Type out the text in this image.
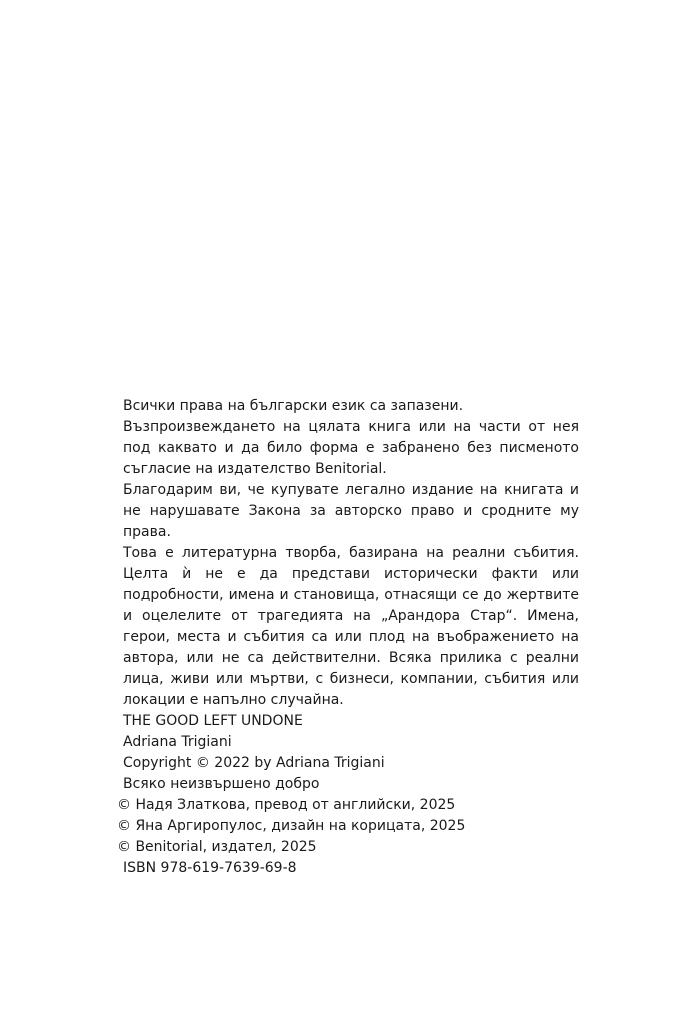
Всички права на български език са запазени.

Възпроизвеждането на цялата книга или на части от нея под каквато и да било форма е забранено без писменото съгласие на издателство Benitorial.

Благодарим ви, че купувате легално издание на книгата и не нарушавате Закона за авторско право и сродните му права.

Това е литературна творба, базирана на реални събития. Целта ѝ не е да представи исторически факти или подробности, имена и становища, отнасящи се до жертвите и оцелелите от трагедията на „Арандора Стар“. Имена, герои, места и събития са или плод на въображението на автора, или не са действителни. Всяка прилика с реални лица, живи или мъртви, с бизнеси, компании, събития или локации е напълно случайна.

THE GOOD LEFT UNDONE

Adriana Trigiani

Copyright © 2022 by Adriana Trigiani

Всяко неизвършено добро

© Надя Златкова, превод от английски, 2025

© Яна Аргиропулос, дизайн на корицата, 2025

© Benitorial, издател, 2025

ISBN 978-619-7639-69-8
